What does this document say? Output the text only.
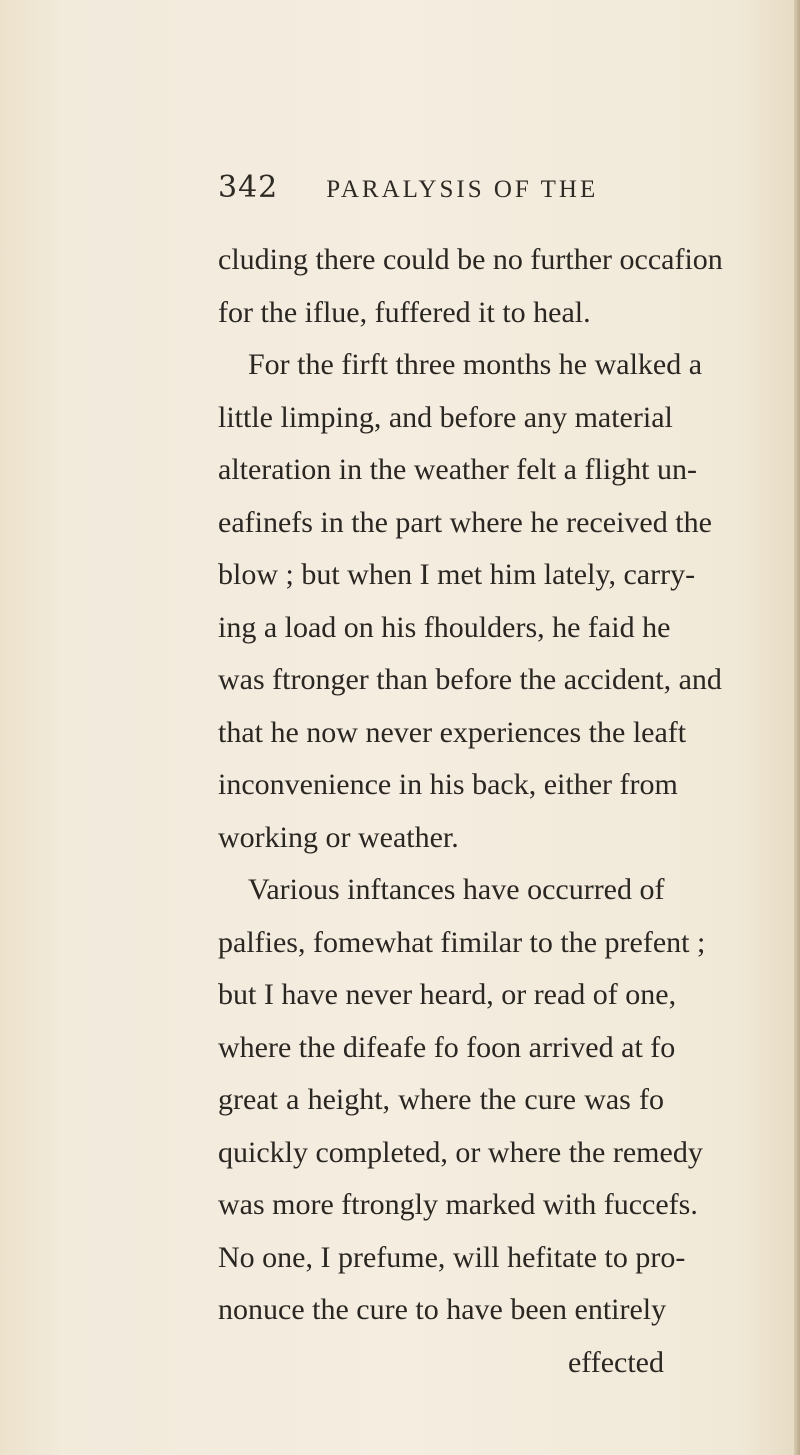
342 PARALYSIS OF THE
cluding there could be no further occafion
for the iflue, fuffered it to heal.
For the firft three months he walked a
little limping, and before any material
alteration in the weather felt a flight un-
eafinefs in the part where he received the
blow ; but when I met him lately, carry-
ing a load on his fhoulders, he faid he
was ftronger than before the accident, and
that he now never experiences the leaft
inconvenience in his back, either from
working or weather.
Various inftances have occurred of
palfies, fomewhat fimilar to the prefent ;
but I have never heard, or read of one,
where the difeafe fo foon arrived at fo
great a height, where the cure was fo
quickly completed, or where the remedy
was more ftrongly marked with fuccefs.
No one, I prefume, will hefitate to pro-
nonuce the cure to have been entirely
effected
